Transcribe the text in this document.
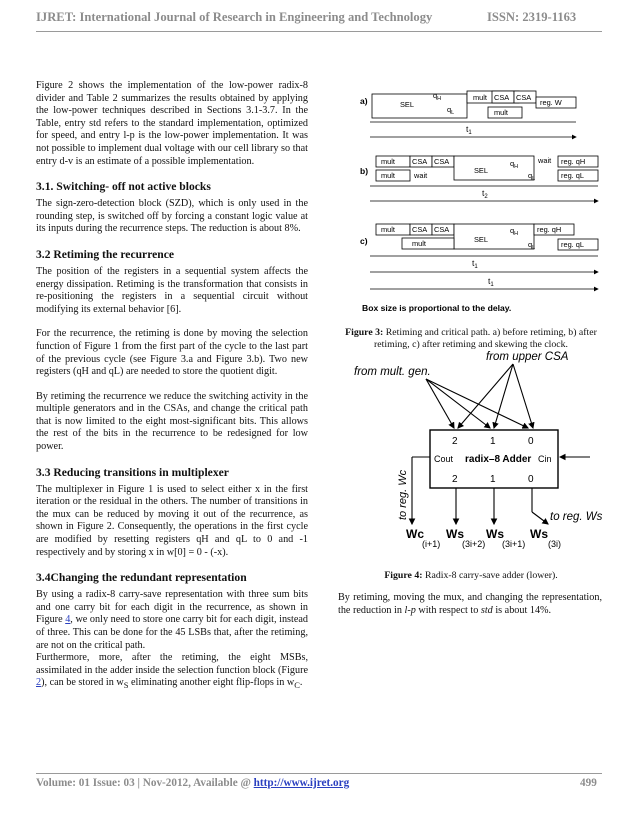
IJRET: International Journal of Research in Engineering and Technology	ISSN: 2319-1163

Figure 2 shows the implementation of the low-power radix-8 divider and Table 2 summarizes the results obtained by applying the low-power techniques described in Sections 3.1-3.7. In the Table, entry std refers to the standard implementation, optimized for speed, and entry l-p is the low-power implementation. It was not possible to implement dual voltage with our cell library so that entry d-v is an estimate of a possible implementation.

3.1. Switching- off not active blocks

The sign-zero-detection block (SZD), which is only used in the rounding step, is switched off by forcing a constant logic value at its inputs during the recurrence steps. The reduction is about 8%.

3.2 Retiming the recurrence

The position of the registers in a sequential system affects the energy dissipation. Retiming is the transformation that consists in re-positioning the registers in a sequential circuit without modifying its external behavior [6].

For the recurrence, the retiming is done by moving the selection function of Figure 1 from the first part of the cycle to the last part of the previous cycle (see Figure 3.a and Figure 3.b). Two new registers (qH and qL) are needed to store the quotient digit.

By retiming the recurrence we reduce the switching activity in the multiple generators and in the CSAs, and change the critical path that is now limited to the eight most-significant bits. This allows the rest of the bits in the recurrence to be redesigned for low power.

3.3 Reducing transitions in multiplexer

The multiplexer in Figure 1 is used to select either x in the first iteration or the residual in the others. The number of transitions in the mux can be reduced by moving it out of the recurrence, as shown in Figure 2. Consequently, the operations in the first cycle are modified by resetting registers qH and qL to 0 and -1 respectively and by storing x in w[0] = 0 - (-x).

3.4Changing the redundant representation

By using a radix-8 carry-save representation with three sum bits and one carry bit for each digit in the recurrence, as shown in Figure 4, we only need to store one carry bit for each digit, instead of three. This can be done for the 45 LSBs that, after the retiming, are not on the critical path.

Furthermore, more, after the retiming, the eight MSBs, assimilated in the adder inside the selection function block (Figure 2), can be stored in $w_S$ eliminating another eight flip-flops in $w_C$.

a)	SEL
$q_H$	mult CSA CSA
reg. W
$q_L$	mult
$t_1$
b)
mult CSA CSA
SEL
$q_H$
wait reg. qH
mult	wait	$q_L$	reg. qL
$t_2$
c)
mult CSA CSA
SEL
$q_H$	reg. qH
mult	$q_L$	reg. qL
$t_1$
$t_1$
Box size is proportional to the delay.
Figure 3: Retiming and critical path. a) before retiming, b) after retiming, c) after retiming and skewing the clock.
from upper CSA
from mult. gen.
2	1	0
Cout radix–8 Adder Cin
2	1	0
to reg. Wc	to reg. Ws
Wc
(i+1)
Ws
(3i+2)
Ws
(3i+1)
Ws
(3i)
Figure 4: Radix-8 carry-save adder (lower).

By retiming, moving the mux, and changing the representation, the reduction in l-p with respect to std is about 14%.

Volume: 01 Issue: 03 | Nov-2012, Available @ http://www.ijret.org	499
